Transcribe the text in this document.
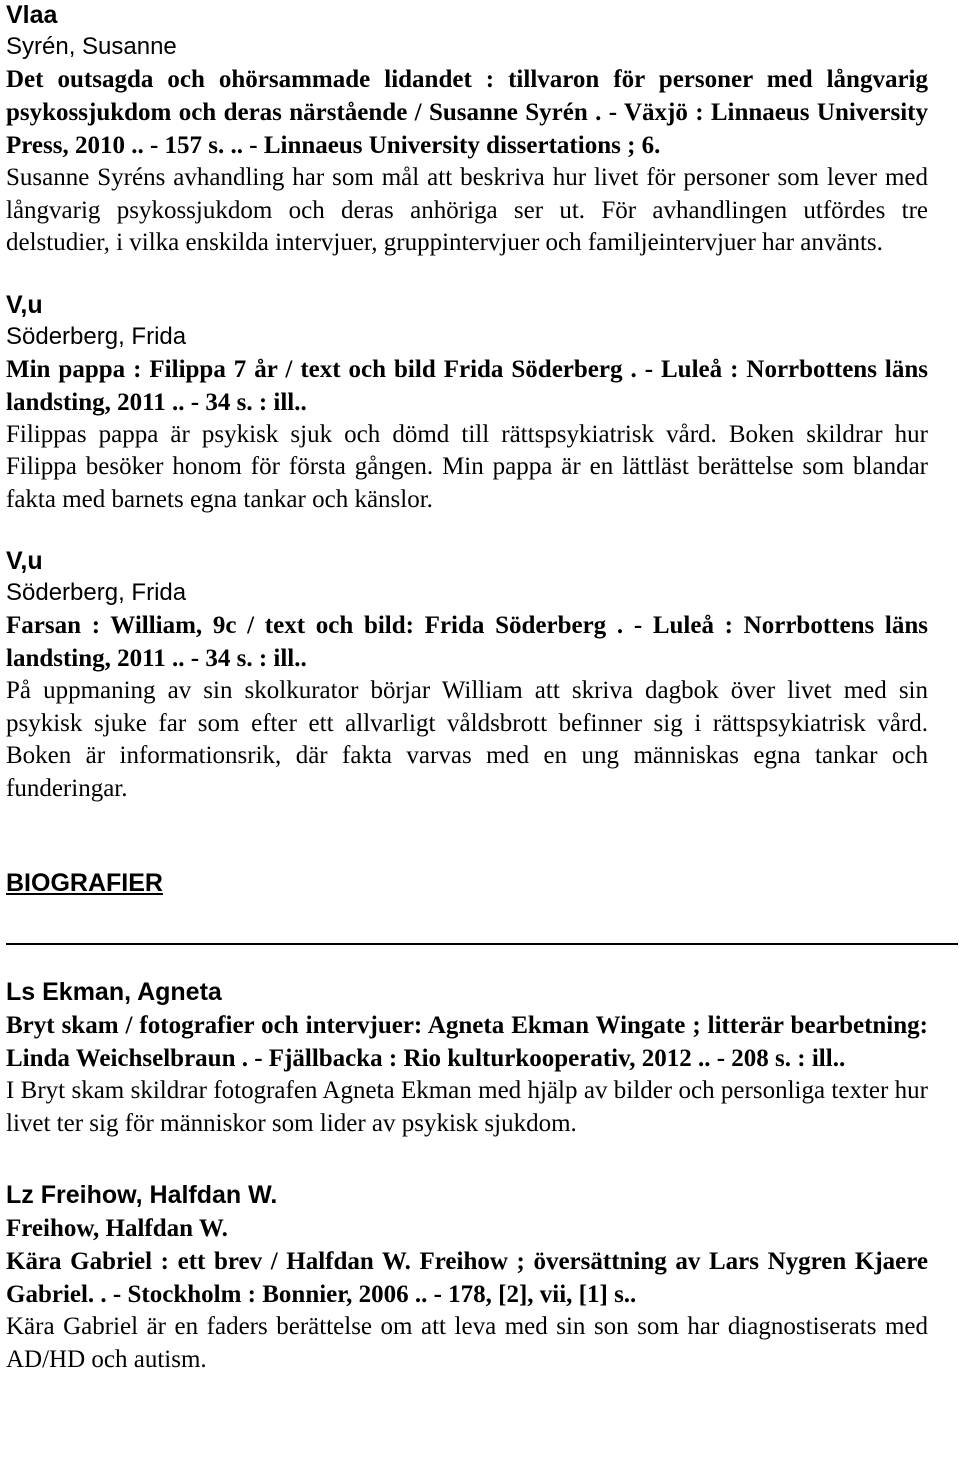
Vlaa

Syrén, Susanne

Det outsagda och ohörsammade lidandet : tillvaron för personer med långvarig psykossjukdom och deras närstående / Susanne Syrén . - Växjö : Linnaeus University Press, 2010 .. - 157 s. .. - Linnaeus University dissertations ; 6.

Susanne Syréns avhandling har som mål att beskriva hur livet för personer som lever med långvarig psykossjukdom och deras anhöriga ser ut. För avhandlingen utfördes tre delstudier, i vilka enskilda intervjuer, gruppintervjuer och familjeintervjuer har använts.

V,u

Söderberg, Frida

Min pappa : Filippa 7 år / text och bild Frida Söderberg . - Luleå : Norrbottens läns landsting, 2011 .. - 34 s. : ill..

Filippas pappa är psykisk sjuk och dömd till rättspsykiatrisk vård. Boken skildrar hur Filippa besöker honom för första gången. Min pappa är en lättläst berättelse som blandar fakta med barnets egna tankar och känslor.

V,u

Söderberg, Frida

Farsan : William, 9c / text och bild: Frida Söderberg . - Luleå : Norrbottens läns landsting, 2011 .. - 34 s. : ill..

På uppmaning av sin skolkurator börjar William att skriva dagbok över livet med sin psykisk sjuke far som efter ett allvarligt våldsbrott befinner sig i rättspsykiatrisk vård. Boken är informationsrik, där fakta varvas med en ung människas egna tankar och funderingar.

BIOGRAFIER

Ls Ekman, Agneta

Bryt skam / fotografier och intervjuer: Agneta Ekman Wingate ; litterär bearbetning: Linda Weichselbraun . - Fjällbacka : Rio kulturkooperativ, 2012 .. - 208 s. : ill..

I Bryt skam skildrar fotografen Agneta Ekman med hjälp av bilder och personliga texter hur livet ter sig för människor som lider av psykisk sjukdom.

Lz Freihow, Halfdan W.

Freihow, Halfdan W.

Kära Gabriel : ett brev / Halfdan W. Freihow ; översättning av Lars Nygren Kjaere Gabriel. . - Stockholm : Bonnier, 2006 .. - 178, [2], vii, [1] s..

Kära Gabriel är en faders berättelse om att leva med sin son som har diagnostiserats med AD/HD och autism.
